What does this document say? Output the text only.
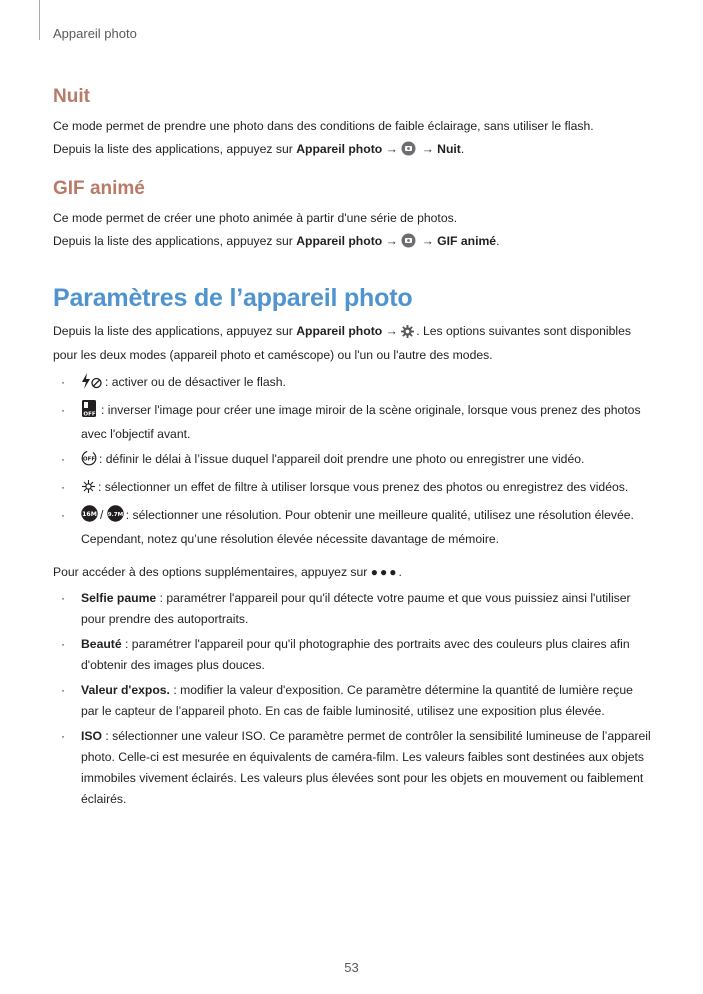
Appareil photo
Nuit

Ce mode permet de prendre une photo dans des conditions de faible éclairage, sans utiliser le flash.

Depuis la liste des applications, appuyez sur Appareil photo → → Nuit.

GIF animé

Ce mode permet de créer une photo animée à partir d'une série de photos.

Depuis la liste des applications, appuyez sur Appareil photo → → GIF animé.

Paramètres de l’appareil photo

Depuis la liste des applications, appuyez sur Appareil photo → . Les options suivantes sont disponibles pour les deux modes (appareil photo et caméscope) ou l'un ou l'autre des modes.

·	: activer ou de désactiver le flash.
·	OFF : inverser l'image pour créer une image miroir de la scène originale, lorsque vous prenez des photos avec l'objectif avant.
·	OFF : définir le délai à l’issue duquel l'appareil doit prendre une photo ou enregistrer une vidéo.
·	: sélectionner un effet de filtre à utiliser lorsque vous prenez des photos ou enregistrez des vidéos.
·	16M / 9.7M : sélectionner une résolution. Pour obtenir une meilleure qualité, utilisez une résolution élevée. Cependant, notez qu’une résolution élevée nécessite davantage de mémoire.

Pour accéder à des options supplémentaires, appuyez sur ●●●.

· Selfie paume : paramétrer l'appareil pour qu'il détecte votre paume et que vous puissiez ainsi l'utiliser pour prendre des autoportraits.
· Beauté : paramétrer l'appareil pour qu'il photographie des portraits avec des couleurs plus claires afin d'obtenir des images plus douces.
· Valeur d'expos. : modifier la valeur d'exposition. Ce paramètre détermine la quantité de lumière reçue par le capteur de l’appareil photo. En cas de faible luminosité, utilisez une exposition plus élevée.
· ISO : sélectionner une valeur ISO. Ce paramètre permet de contrôler la sensibilité lumineuse de l’appareil photo. Celle-ci est mesurée en équivalents de caméra-film. Les valeurs faibles sont destinées aux objets immobiles vivement éclairés. Les valeurs plus élevées sont pour les objets en mouvement ou faiblement éclairés.
53
